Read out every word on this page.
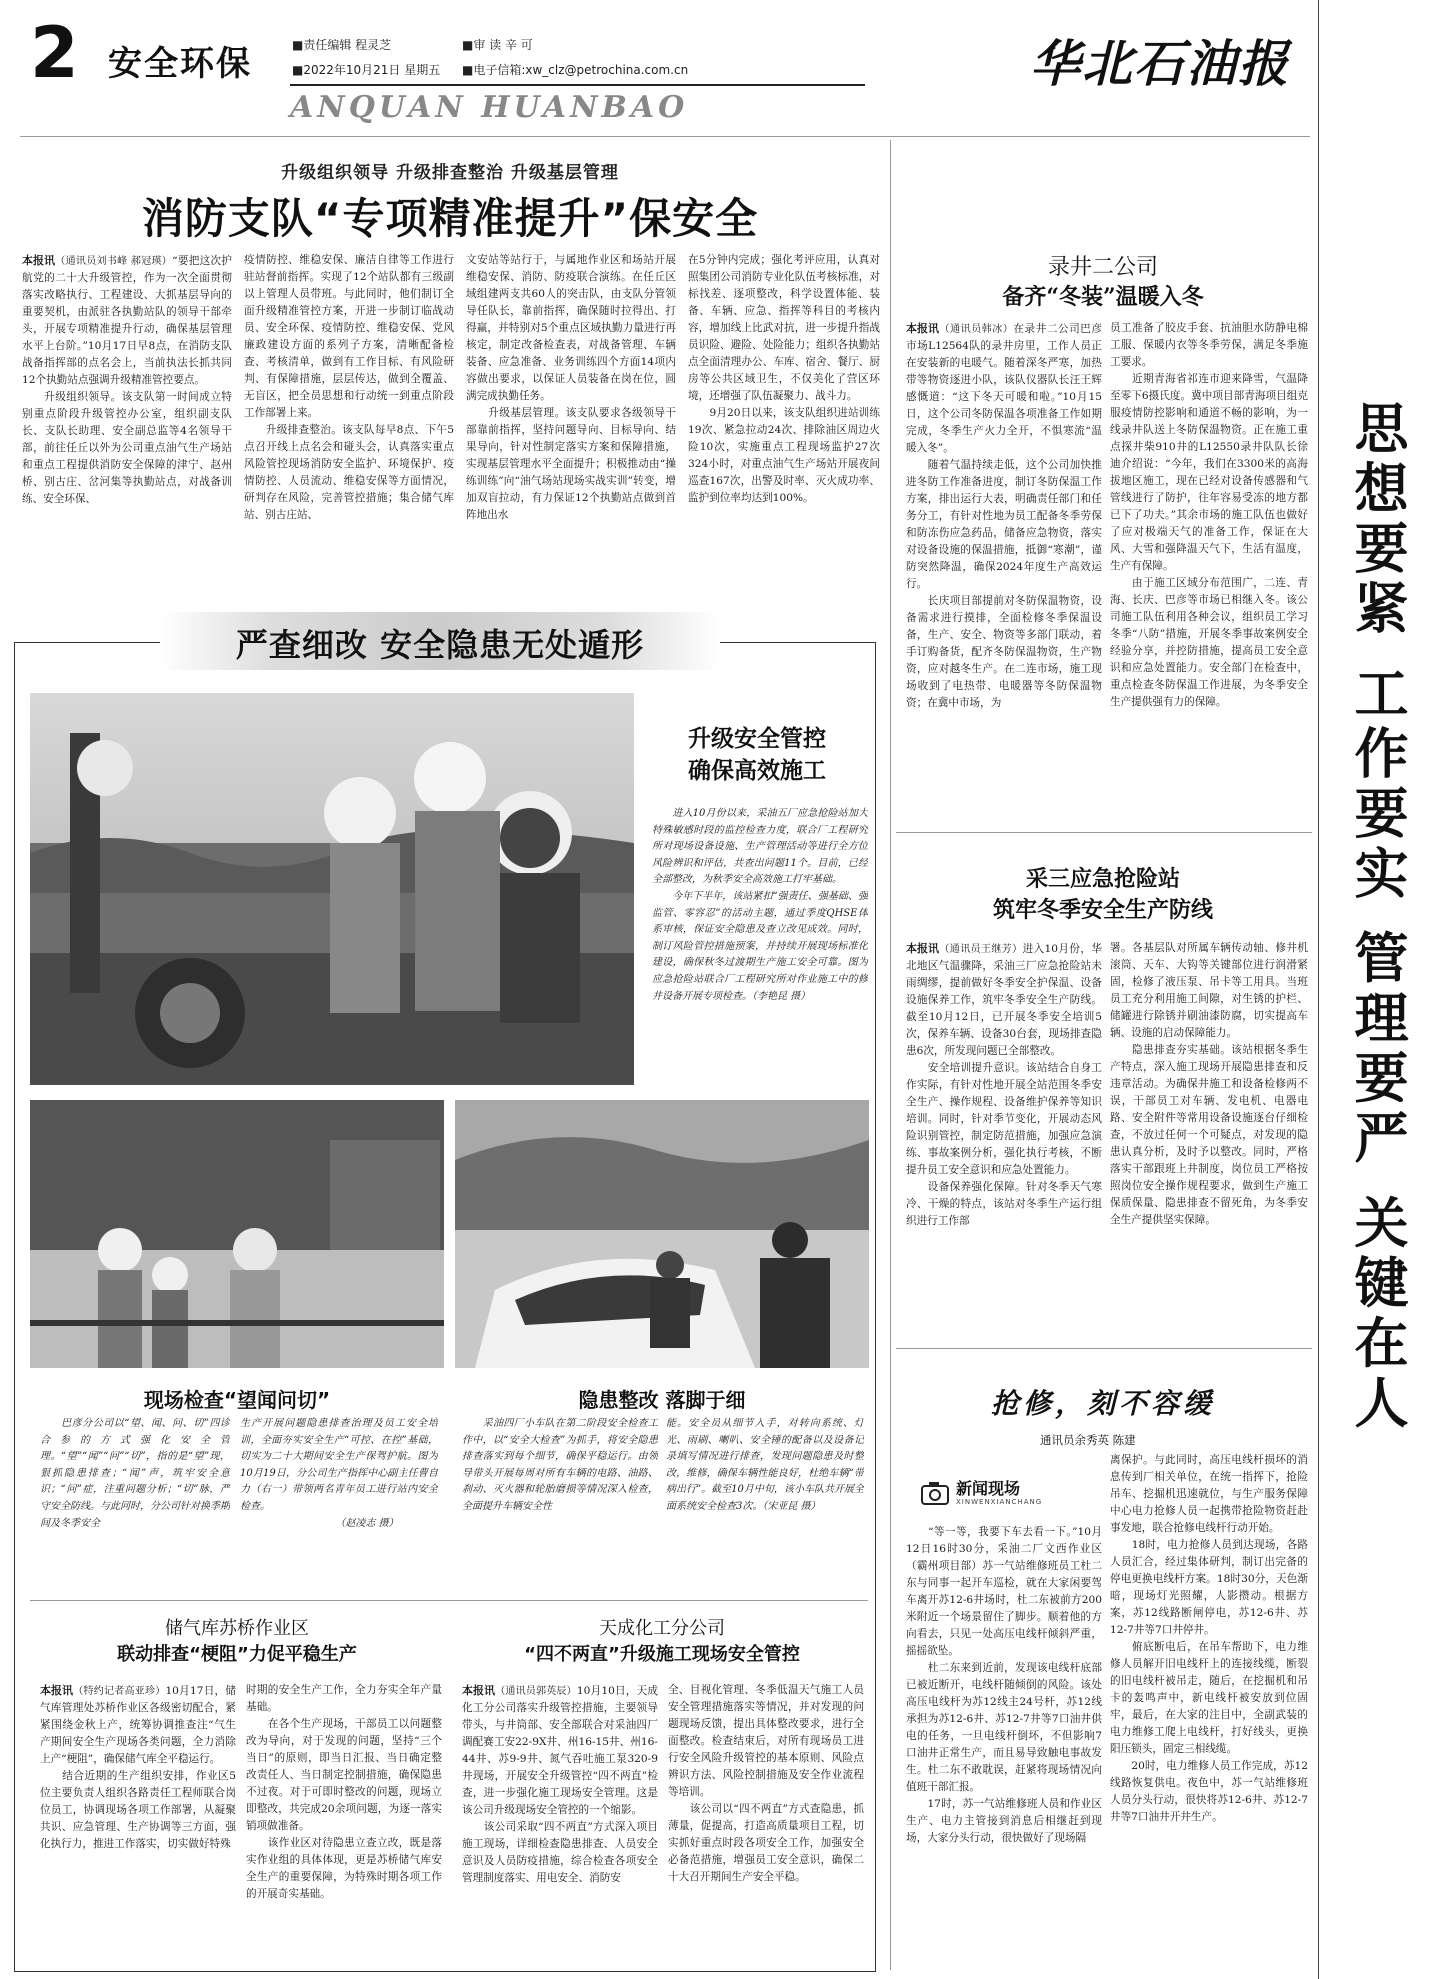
2 安全环保	■责任编辑 程灵芝	■审 读 辛 可
■2022年10月21日 星期五 ■电子信箱:xw_clz@petrochina.com.cn
ANQUAN HUANBAO
华北石油报
思想要紧 工作要实 管理要严 关键在人
升级组织领导 升级排查整治 升级基层管理
消防支队“专项精准提升”保安全
本报讯（通讯员刘书峰 郝冠瑛）“要把这次护航党的二十大升级管控，作为一次全面贯彻落实改略执行、工程建设、大抓基层导向的重要契机，由派驻各执勤站队的领导干部牵头，开展专项精准提升行动，确保基层管理水平上台阶。”10月17日早8点，在消防支队战备指挥部的点名会上，当前执法长抓共同12个执勤站点强调升级精准管控要点。
　　升级组织领导。该支队第一时间成立特别重点阶段升级管控办公室，组织副支队长、支队长助理、安全副总监等4名领导干部，前往任丘以外为公司重点油气生产场站和重点工程提供消防安全保障的津宁、赵州桥、别古庄、岔河集等执勤站点，对战备训练、安全环保、
疫情防控、维稳安保、廉洁自律等工作进行驻站督前指挥。实现了12个站队都有三级副以上管理人员带班。与此同时，他们制订全面升级精准管控方案，开进一步制订临战动员、安全环保、疫情防控、维稳安保、党风廉政建设方面的系列子方案，清晰配备检查、考核清单，做到有工作目标、有风险研判、有保障措施，层层传达，做到全覆盖、无盲区，把全员思想和行动统一到重点阶段工作部署上来。
　　升级排查整治。该支队每早8点、下午5点召开线上点名会和碰头会，认真落实重点风险管控现场消防安全监护、环境保护、疫情防控、人员流动、维稳安保等方面情况，研判存在风险，完善管控措施；集合储气库站、别古庄站、
文安站等站行于，与属地作业区和场站开展维稳安保、消防、防疫联合演练。在任丘区域组建两支共60人的突击队，由支队分管领导任队长，靠前指挥，确保随时拉得出、打得赢，并特别对5个重点区域执勤力量进行再核定，制定改备检查表，对战备管理、车辆装备、应急准备、业务训练四个方面14项内容做出要求，以保证人员装备在岗在位，圆满完成执勤任务。
　　升级基层管理。该支队要求各级领导干部靠前指挥，坚持问题导向、目标导向、结果导向，针对性制定落实方案和保障措施，实现基层管理水平全面提升；积极推动由“操练训练”向“油气场站现场实战实训”转变，增加双盲拉动，有力保证12个执勤站点做到首阵地出水
在5分钟内完成；强化考评应用，认真对照集团公司消防专业化队伍考核标准，对标找差、逐项整改，科学设置体能、装备、车辆、应急、指挥等科目的考核内容，增加线上比武对抗，进一步提升指战员识险、避险、处险能力；组织各执勤站点全面清理办公、车库、宿舍、餐厅、厨房等公共区域卫生，不仅美化了营区环境，还增强了队伍凝聚力、战斗力。
　　9月20日以来，该支队组织进站训练19次、紧急拉动24次、排除油区周边火险10次，实施重点工程现场监护27次324小时，对重点油气生产场站开展夜间巡查167次，出警及时率、灭火成功率、监护到位率均达到100%。
严查细改 安全隐患无处遁形
升级安全管控
确保高效施工
　　进入10月份以来，采油五厂应急抢险站加大特殊敏感时段的监控检查力度，联合厂工程研究所对现场设备设施、生产管理活动等进行全方位风险辨识和评估，共查出问题11个。目前，已经全部整改，为秋季安全高效施工打牢基础。
　　今年下半年，该站紧扣“强责任、强基础、强监管、零容忍”的活动主题，通过季度QHSE体系审核，保证安全隐患及查立改见成效。同时，制订风险管控措施预案，并持续开展现场标准化建设，确保秋冬过渡期生产施工安全可靠。图为应急抢险站联合厂工程研究所对作业施工中的修井设备开展专项检查。（李艳昆 摄）
现场检查“望闻问切”	隐患整改 落脚于细
　　巴彦分公司以“望、闻、问、切”四诊合参的方式强化安全管理。“望”“闻”“问”“切”，指的是“望”现，狠抓隐患排查；“闻”声，筑牢安全意识；“问”症，注重问题分析；“切”脉，严守安全防线。与此同时，分公司针对换季期间及冬季安全
生产开展问题隐患排查治理及员工安全培训，全面夯实安全生产“可控、在控”基础，切实为二十大期间安全生产保驾护航。图为10月19日，分公司生产指挥中心副主任曹自力（右一）带领两名青年员工进行站内安全检查。
（赵凌志 摄）
　　采油四厂小车队在第二阶段安全检查工作中，以“安全大检查”为抓手，将安全隐患排查落实到每个细节，确保平稳运行。由领导带头开展每周对所有车辆的电路、油路、刹动、灭火器和轮胎磨损等情况深入检查，全面提升车辆安全性
能。安全员从细节入手，对转向系统、灯光、雨刷、喇叭、安全锤的配备以及设备记录填写情况进行排查，发现问题隐患及时整改，维修，确保车辆性能良好，杜绝车辆“带病出行”。截至10月中旬，该小车队共开展全面系统安全检查3次。（宋亚昆 摄）
储气库苏桥作业区
联动排查“梗阻”力促平稳生产
本报讯（特约记者高亚珍）10月17日，储气库管理处苏桥作业区各级密切配合，紧紧围绕金秋上产，统筹协调推查注“气生产期间安全生产现场各类问题，全力消除上产“梗阻”，确保储气库全平稳运行。
　　结合近期的生产组织安排，作业区5位主要负责人组织各路责任工程师联合岗位员工，协调现场各项工作部署，从凝聚共识、应急管理、生产协调等三方面，强化执行力，推进工作落实，切实做好特殊
时期的安全生产工作，全力夯实全年产量基础。
　　在各个生产现场，干部员工以问题整改为导向，对于发现的问题，坚持“三个当日”的原则，即当日汇报、当日确定整改责任人、当日制定控制措施，确保隐患不过夜。对于可即时整改的问题，现场立即整改，共完成20余项问题，为逐一落实销项做准备。
　　该作业区对待隐患立查立改，既是落实作业组的具体体现，更是苏桥储气库安全生产的重要保障，为特殊时期各项工作的开展奇实基础。
天成化工分公司
“四不两直”升级施工现场安全管控
本报讯（通讯员郭英辰）10月10日，天成化工分公司落实升级管控措施，主要领导带头，与井筒部、安全部联合对采油四厂调配赛工安22-9X井、州16-15井、州16-44井、苏9-9井、氮气吞吐施工泵320-9井现场，开展安全升级管控“四不两直”检查，进一步强化施工现场安全管理。这是该公司升级现场安全管控的一个缩影。
　　该公司采取“四不两直”方式深入项目施工现场，详细检查隐患排查、人员安全意识及人员防疫措施，综合检查各项安全管理制度落实、用电安全、消防安
全、目视化管理、冬季低温天气施工人员安全管理措施落实等情况，并对发现的问题现场反馈，提出具体整改要求，进行全面整改。检查结束后，对所有现场员工进行安全风险升级管控的基本原则、风险点辨识方法、风险控制措施及安全作业流程等培训。
　　该公司以“四不两直”方式查隐患，抓薄量，促提高，打造高质量项目工程，切实抓好重点时段各项安全工作，加强安全必备范措施，增强员工安全意识，确保二十大召开期间生产安全平稳。
录井二公司
备齐“冬装”温暖入冬
本报讯（通讯员韩冰）在录井二公司巴彦市场L12564队的录井房里，工作人员正在安装新的电暖气。随着深冬严寒，加热带等物资逐进小队，该队仪器队长汪王辉感慨道：“这下冬天可暖和啦。”10月15日，这个公司冬防保温各项准备工作如期完成，冬季生产火力全开，不惧寒流“温暖入冬”。
　　随着气温持续走低，这个公司加快推进冬防工作准备进度，制订冬防保温工作方案，排出运行大表，明确责任部门和任务分工，有针对性地为员工配备冬季劳保和防冻伤应急药品，储备应急物资，落实对设备设施的保温措施，抵御“寒潮”，谨防突然降温，确保2024年度生产高效运行。
　　长庆项目部提前对冬防保温物资，设备需求进行摸排，全面检修冬季保温设备，生产、安全、物资等多部门联动，着手订购备货，配齐冬防保温物资，生产物资，应对越冬生产。在二连市场，施工现场收到了电热带、电暖器等冬防保温物资；在冀中市场，为
员工准备了胶皮手套、抗油胆水防静电棉工服、保暖内衣等冬季劳保，满足冬季施工要求。
　　近期青海省祁连市迎来降雪，气温降至零下6摄氏度。冀中项目部青海项目组克服疫情防控影响和通道不畅的影响，为一线录井队送上冬防保温物资。正在施工重点探井柴910井的L12550录井队队长徐迪介绍说：“今年，我们在3300米的高海拔地区施工，现在已经对设备传感器和气管线进行了防护，往年容易受冻的地方都已下了功夫。”其余市场的施工队伍也做好了应对极端天气的准备工作，保证在大风、大雪和强降温天气下，生活有温度，生产有保障。
　　由于施工区域分布范围广，二连、青海、长庆、巴彦等市场已相继入冬。该公司施工队伍利用各种会议，组织员工学习冬季“八防”措施，开展冬季事故案例安全经验分享，并控防措施，提高员工安全意识和应急处置能力。安全部门在检查中，重点检查冬防保温工作进展，为冬季安全生产提供强有力的保障。
采三应急抢险站
筑牢冬季安全生产防线
本报讯（通讯员王继芳）进入10月份，华北地区气温骤降，采油三厂应急抢险站未雨绸缪，提前做好冬季安全护保温、设备设施保养工作，筑牢冬季安全生产防线。截至10月12日，已开展冬季安全培训5次，保养车辆、设备30台套，现场排查隐患6次，所发现问题已全部整改。
　　安全培训提升意识。该站结合自身工作实际，有针对性地开展全站范围冬季安全生产、操作规程、设备维护保养等知识培训。同时，针对季节变化，开展动态风险识别管控，制定防范措施，加强应急演练、事故案例分析，强化执行考核，不断提升员工安全意识和应急处置能力。
　　设备保养强化保障。针对冬季天气寒冷、干燥的特点，该站对冬季生产运行组织进行工作部
署。各基层队对所属车辆传动轴、修井机滚筒、天车、大钩等关键部位进行润滑紧固，检修了液压泵、吊卡等工用具。当班员工充分利用施工间隙，对生锈的护栏、储罐进行除锈并刷油漆防腐，切实提高车辆、设施的启动保障能力。
　　隐患排查夯实基础。该站根据冬季生产特点，深入施工现场开展隐患排查和反违章活动。为确保井施工和设备检修两不误，干部员工对车辆、发电机、电器电路、安全附件等常用设备设施逐台仔细检查，不放过任何一个可疑点，对发现的隐患认真分析，及时予以整改。同时，严格落实干部跟班上井制度，岗位员工严格按照岗位安全操作规程要求，做到生产施工保质保量、隐患排查不留死角，为冬季安全生产提供坚实保障。
抢修，刻不容缓
通讯员余秀英 陈建
新闻现场
XINWENXIANCHANG
　　“等一等，我要下车去看一下。”10月12日16时30分，采油二厂文西作业区（霸州项目部）苏一气站维修班员工杜二东与同事一起开车巡检，就在大家闲要驾车离开苏12-6井场时，杜二东被前方200米附近一个场景留住了脚步。顺着他的方向看去，只见一处高压电线杆倾斜严重，摇摇欲坠。
　　杜二东来到近前，发现该电线杆底部已被近断开，电线杆随倾倒的风险。该处高压电线杆为苏12线主24号杆，苏12线承担为苏12-6井、苏12-7井等7口油井供电的任务，一旦电线杆倒坏，不但影响7口油井正常生产，而且易导致触电事故发生。杜二东不敢耽误，赶紧将现场情况向值班干部汇报。
　　17时，苏一气站维修班人员和作业区生产、电力主管接到消息后相继赶到现场，大家分头行动，很快做好了现场隔
离保护。与此同时，高压电线杆损坏的消息传到厂相关单位，在统一指挥下，抢险吊车、挖掘机迅速就位，与生产服务保障中心电力抢修人员一起携带抢险物资赶赴事发地，联合抢修电线杆行动开始。
　　18时，电力抢修人员到达现场，各路人员汇合，经过集体研判，制订出完备的停电更换电线杆方案。18时30分，天色渐暗，现场灯光照耀，人影攒动。根据方案，苏12线路断闸停电，苏12-6井、苏12-7井等7口井停井。
　　俯底断电后，在吊车帮助下，电力维修人员解开旧电线杆上的连接线缆，断裂的旧电线杆被吊走，随后，在挖掘机和吊卡的轰鸣声中，新电线杆被安放到位固牢，最后，在大家的注目中，全副武装的电力维修工爬上电线杆，打好线头，更换阳压锁头，固定三相线缆。
　　20时，电力维修人员工作完成，苏12线路恢复供电。夜色中，苏一气站维修班人员分头行动，很快将苏12-6井、苏12-7井等7口油井开井生产。
